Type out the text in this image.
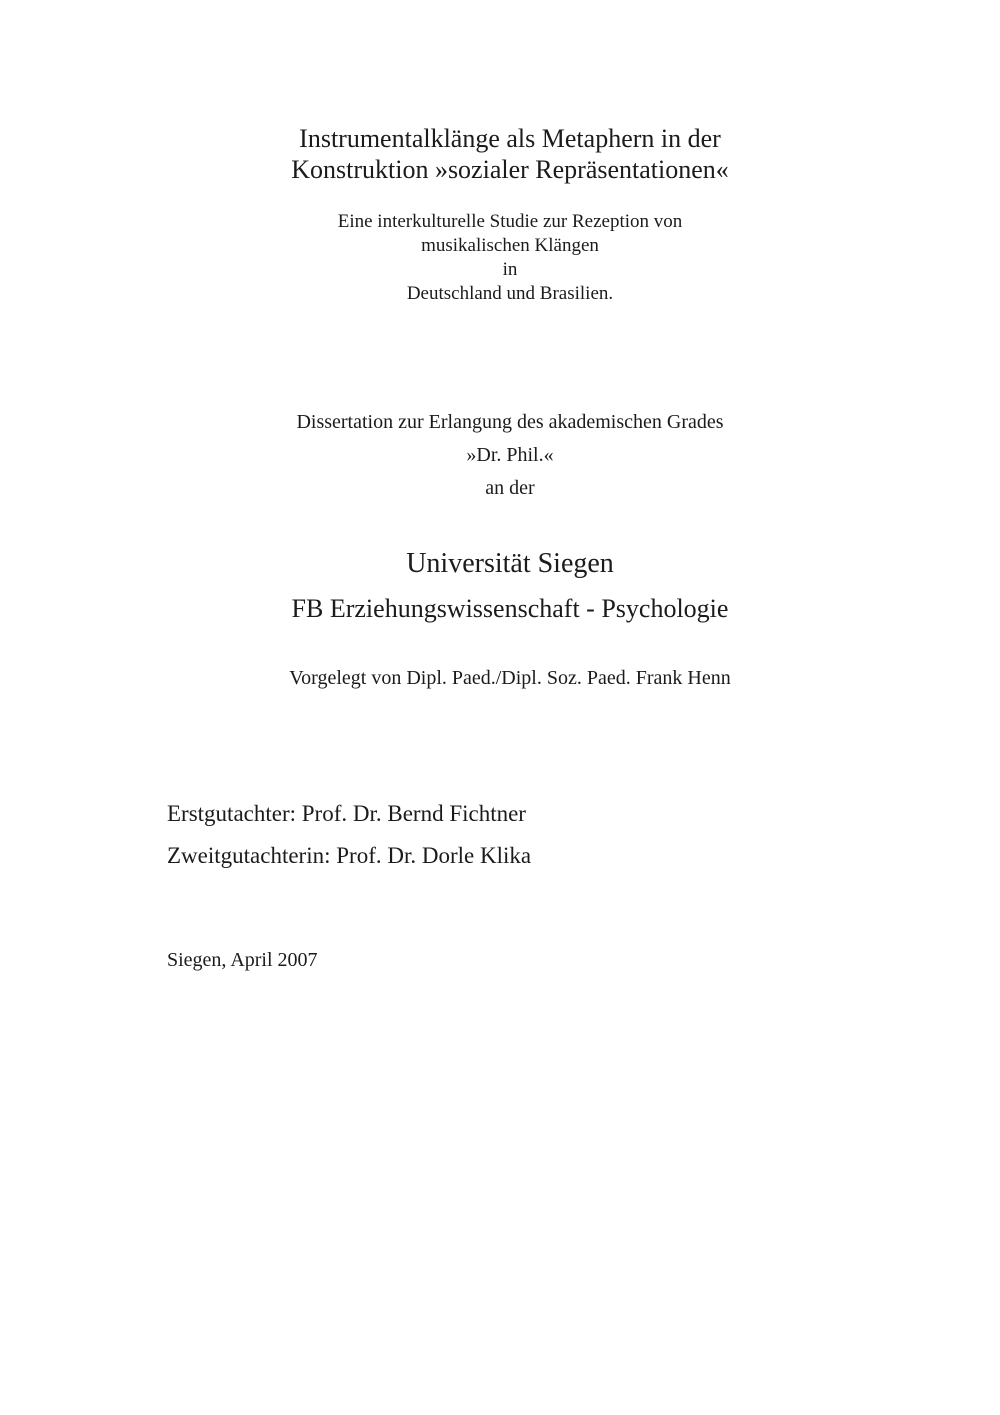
Instrumentalklänge als Metaphern in der
Konstruktion »sozialer Repräsentationen«
Eine interkulturelle Studie zur Rezeption von
musikalischen Klängen
in
Deutschland und Brasilien.
Dissertation zur Erlangung des akademischen Grades
»Dr. Phil.«
an der
Universität Siegen
FB Erziehungswissenschaft - Psychologie
Vorgelegt von Dipl. Paed./Dipl. Soz. Paed. Frank Henn
Erstgutachter: Prof. Dr. Bernd Fichtner
Zweitgutachterin: Prof. Dr. Dorle Klika
Siegen, April 2007
